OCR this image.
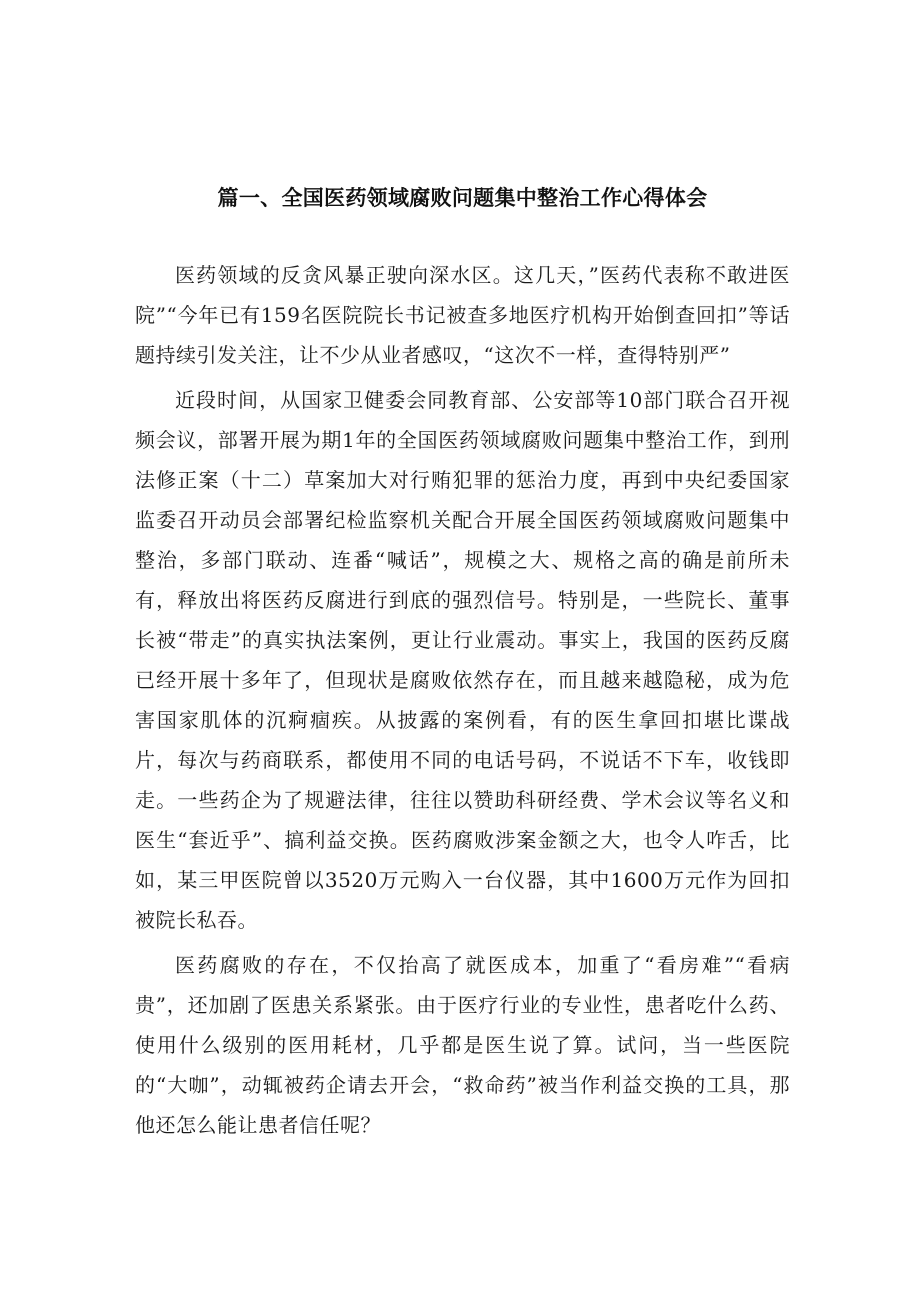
篇一、全国医药领域腐败问题集中整治工作心得体会

医药领域的反贪风暴正驶向深水区。这几天，”医药代表称不敢进医院”“今年已有159名医院院长书记被查多地医疗机构开始倒查回扣”等话题持续引发关注，让不少从业者感叹，“这次不一样，查得特别严”

近段时间，从国家卫健委会同教育部、公安部等10部门联合召开视频会议，部署开展为期1年的全国医药领域腐败问题集中整治工作，到刑法修正案（十二）草案加大对行贿犯罪的惩治力度，再到中央纪委国家监委召开动员会部署纪检监察机关配合开展全国医药领域腐败问题集中整治，多部门联动、连番“喊话”，规模之大、规格之高的确是前所未有，释放出将医药反腐进行到底的强烈信号。特别是，一些院长、董事长被“带走”的真实执法案例，更让行业震动。事实上，我国的医药反腐已经开展十多年了，但现状是腐败依然存在，而且越来越隐秘，成为危害国家肌体的沉痾痼疾。从披露的案例看，有的医生拿回扣堪比谍战片，每次与药商联系，都使用不同的电话号码，不说话不下车，收钱即走。一些药企为了规避法律，往往以赞助科研经费、学术会议等名义和医生“套近乎”、搞利益交换。医药腐败涉案金额之大，也令人咋舌，比如，某三甲医院曾以3520万元购入一台仪器，其中1600万元作为回扣被院长私吞。

医药腐败的存在，不仅抬高了就医成本，加重了“看房难”“看病贵”，还加剧了医患关系紧张。由于医疗行业的专业性，患者吃什么药、使用什么级别的医用耗材，几乎都是医生说了算。试问，当一些医院的“大咖”，动辄被药企请去开会，“救命药”被当作利益交换的工具，那他还怎么能让患者信任呢？
